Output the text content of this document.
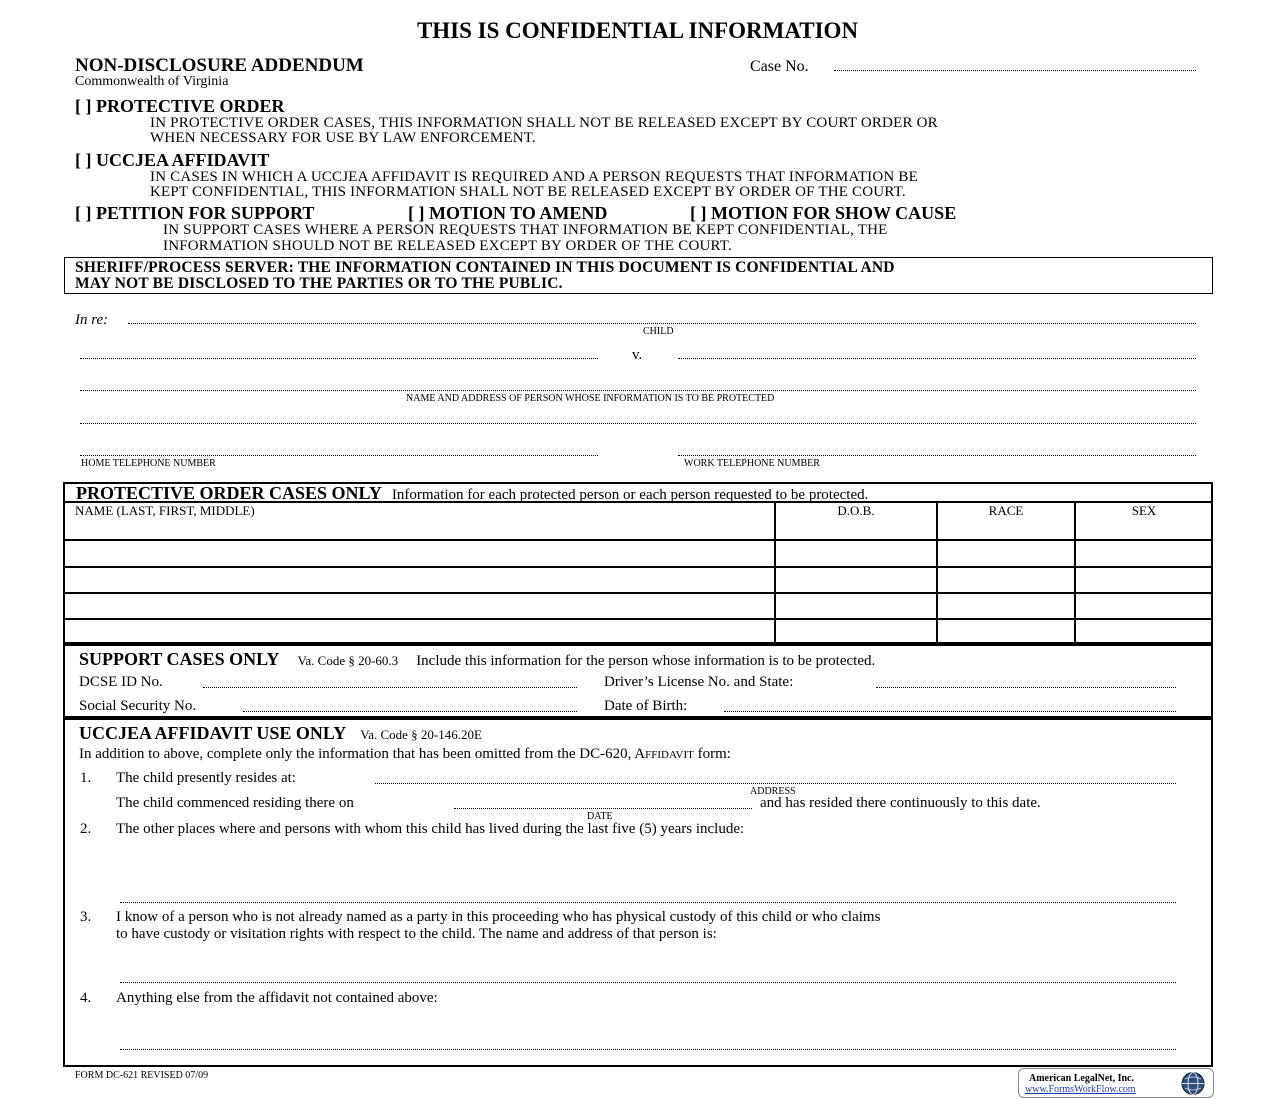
THIS IS CONFIDENTIAL INFORMATION
NON-DISCLOSURE ADDENDUM
Commonwealth of Virginia
Case No.
[ ] PROTECTIVE ORDER
IN PROTECTIVE ORDER CASES, THIS INFORMATION SHALL NOT BE RELEASED EXCEPT BY COURT ORDER OR
WHEN NECESSARY FOR USE BY LAW ENFORCEMENT.
[ ] UCCJEA AFFIDAVIT
IN CASES IN WHICH A UCCJEA AFFIDAVIT IS REQUIRED AND A PERSON REQUESTS THAT INFORMATION BE
KEPT CONFIDENTIAL, THIS INFORMATION SHALL NOT BE RELEASED EXCEPT BY ORDER OF THE COURT.
[ ] PETITION FOR SUPPORT	[ ] MOTION TO AMEND	[ ] MOTION FOR SHOW CAUSE
IN SUPPORT CASES WHERE A PERSON REQUESTS THAT INFORMATION BE KEPT CONFIDENTIAL, THE
INFORMATION SHOULD NOT BE RELEASED EXCEPT BY ORDER OF THE COURT.
SHERIFF/PROCESS SERVER: THE INFORMATION CONTAINED IN THIS DOCUMENT IS CONFIDENTIAL AND
MAY NOT BE DISCLOSED TO THE PARTIES OR TO THE PUBLIC.
In re:
CHILD
v.
NAME AND ADDRESS OF PERSON WHOSE INFORMATION IS TO BE PROTECTED
HOME TELEPHONE NUMBER	WORK TELEPHONE NUMBER
PROTECTIVE ORDER CASES ONLY Information for each protected person or each person requested to be protected.
NAME (LAST, FIRST, MIDDLE)	D.O.B.	RACE	SEX
SUPPORT CASES ONLY Va. Code § 20-60.3 Include this information for the person whose information is to be protected.
DCSE ID No.	Driver’s License No. and State:
Social Security No.	Date of Birth:
UCCJEA AFFIDAVIT USE ONLY Va. Code § 20-146.20E
In addition to above, complete only the information that has been omitted from the DC-620, AFFIDAVIT form:
1. The child presently resides at:
ADDRESS
The child commenced residing there on	and has resided there continuously to this date.
DATE
2. The other places where and persons with whom this child has lived during the last five (5) years include:
3. I know of a person who is not already named as a party in this proceeding who has physical custody of this child or who claims
to have custody or visitation rights with respect to the child. The name and address of that person is:
4. Anything else from the affidavit not contained above:
FORM DC-621 REVISED 07/09	American LegalNet, Inc.
www.FormsWorkFlow.com
